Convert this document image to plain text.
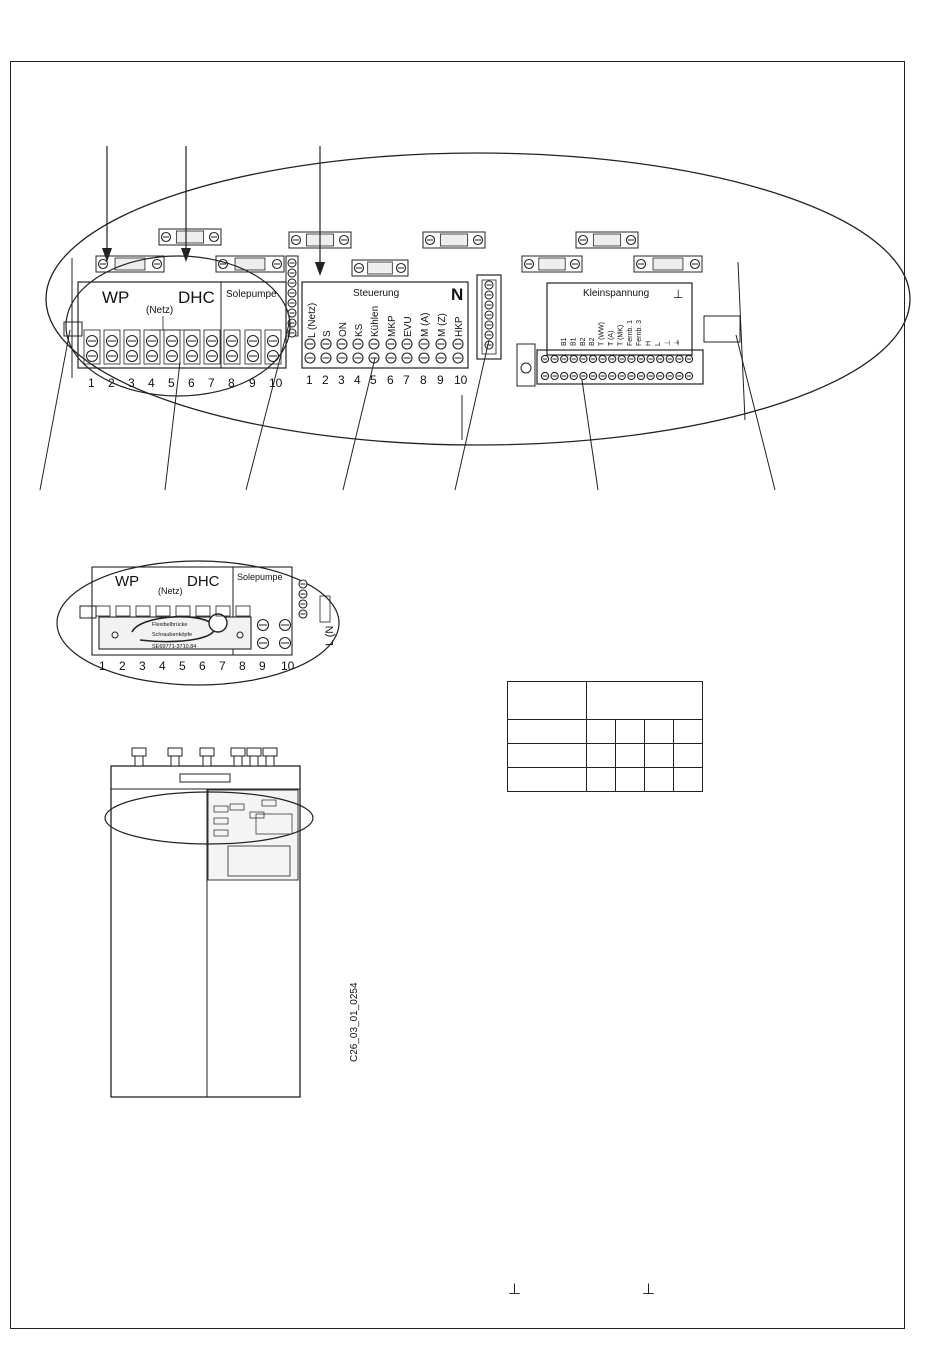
WP	DHC
(Netz)
Solepumpe
1 2 3 4 5 6 7 8 9 10
Steuerung	N
L (Netz) S ON KS Kühlen MKP EVU M (A) M (Z) HKP
1 2 3 4 5 6 7 8 9 10
Kleinspannung ⊥
B1 B1 B2 B2 T (WW) T (A) T (MK) Fernb. 1 Fernb. 3 H L ⊥ ⊥̶
WP	DHC
(Netz)
Solepumpe
Flexibelbrücke
Schraubenköpfe
SE69771-3710.84
L (N
1 2 3 4 5 6 7 8 9 10
C26_03_01_0254
⊥	⊥
